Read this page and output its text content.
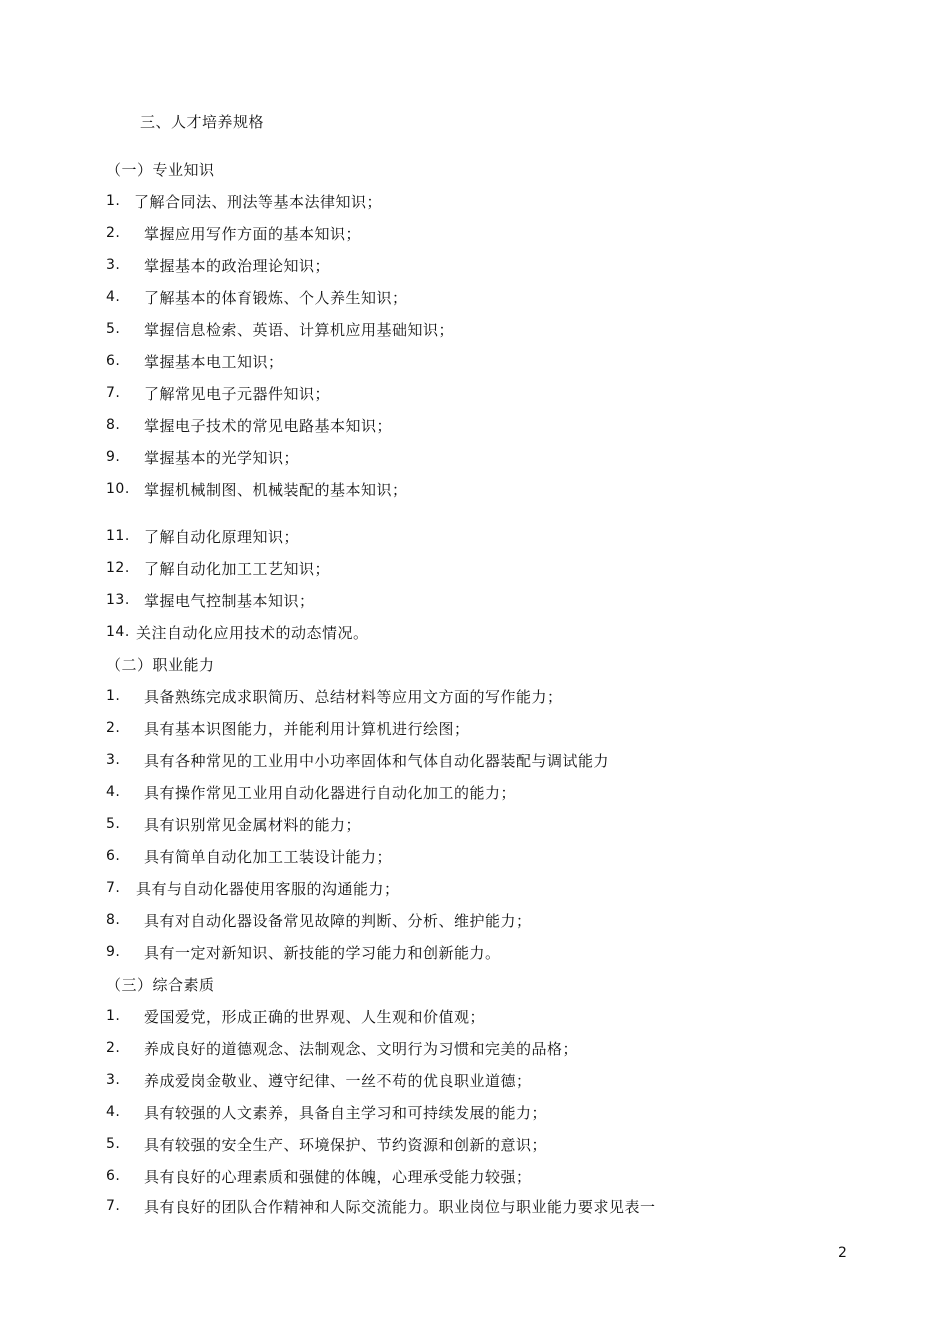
三、人才培养规格
（一）专业知识
1. 了解合同法、刑法等基本法律知识；
2. 掌握应用写作方面的基本知识；
3. 掌握基本的政治理论知识；
4. 了解基本的体育锻炼、个人养生知识；
5. 掌握信息检索、英语、计算机应用基础知识；
6. 掌握基本电工知识；
7. 了解常见电子元器件知识；
8. 掌握电子技术的常见电路基本知识；
9. 掌握基本的光学知识；
10. 掌握机械制图、机械装配的基本知识；
11. 了解自动化原理知识；
12. 了解自动化加工工艺知识；
13. 掌握电气控制基本知识；
14. 关注自动化应用技术的动态情况。
（二）职业能力
1. 具备熟练完成求职简历、总结材料等应用文方面的写作能力；
2. 具有基本识图能力，并能利用计算机进行绘图；
3. 具有各种常见的工业用中小功率固体和气体自动化器装配与调试能力
4. 具有操作常见工业用自动化器进行自动化加工的能力；
5. 具有识别常见金属材料的能力；
6. 具有简单自动化加工工装设计能力；
7. 具有与自动化器使用客服的沟通能力；
8. 具有对自动化器设备常见故障的判断、分析、维护能力；
9. 具有一定对新知识、新技能的学习能力和创新能力。
（三）综合素质
1. 爱国爱党，形成正确的世界观、人生观和价值观；
2. 养成良好的道德观念、法制观念、文明行为习惯和完美的品格；
3. 养成爱岗金敬业、遵守纪律、一丝不苟的优良职业道德；
4. 具有较强的人文素养，具备自主学习和可持续发展的能力；
5. 具有较强的安全生产、环境保护、节约资源和创新的意识；
6. 具有良好的心理素质和强健的体魄，心理承受能力较强；
7. 具有良好的团队合作精神和人际交流能力。职业岗位与职业能力要求见表一
2
